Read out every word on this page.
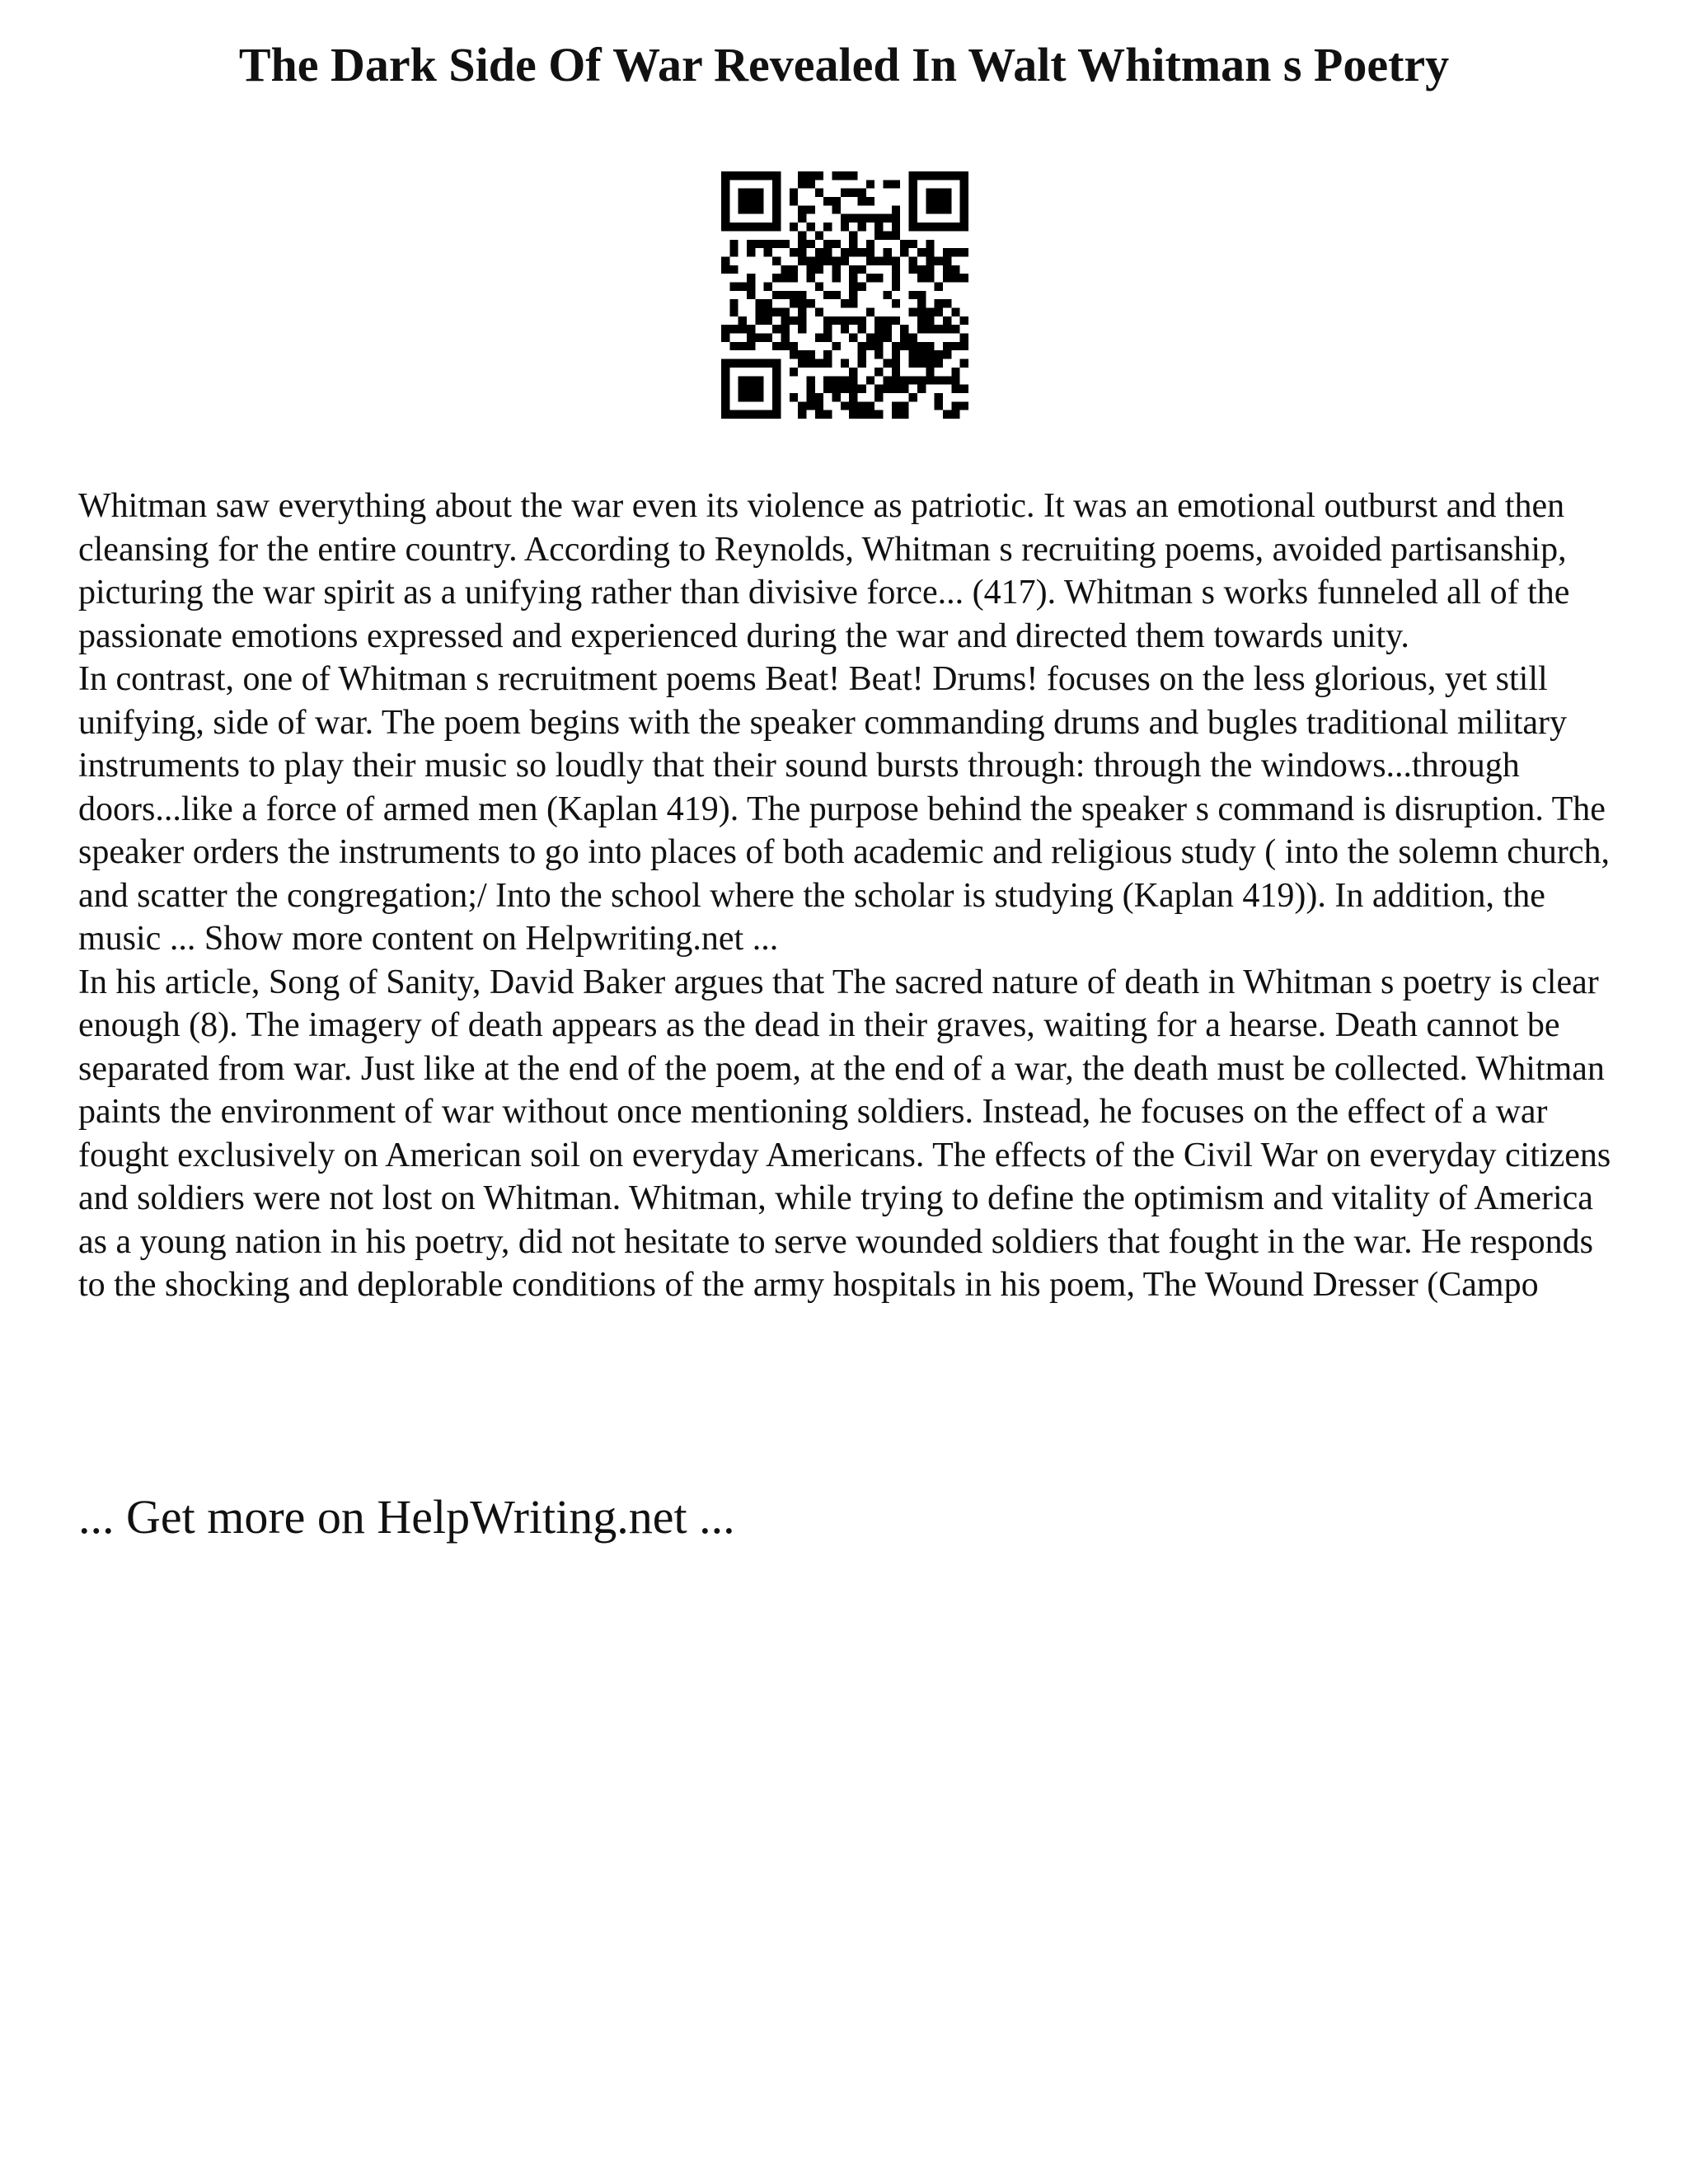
The Dark Side Of War Revealed In Walt Whitman s Poetry

Whitman saw everything about the war even its violence as patriotic. It was an emotional outburst and then cleansing for the entire country. According to Reynolds, Whitman s recruiting poems, avoided partisanship, picturing the war spirit as a unifying rather than divisive force... (417). Whitman s works funneled all of the passionate emotions expressed and experienced during the war and directed them towards unity.

In contrast, one of Whitman s recruitment poems Beat! Beat! Drums! focuses on the less glorious, yet still unifying, side of war. The poem begins with the speaker commanding drums and bugles traditional military instruments to play their music so loudly that their sound bursts through: through the windows...through doors...like a force of armed men (Kaplan 419). The purpose behind the speaker s command is disruption. The speaker orders the instruments to go into places of both academic and religious study ( into the solemn church, and scatter the congregation;/ Into the school where the scholar is studying (Kaplan 419)). In addition, the music ... Show more content on Helpwriting.net ...

In his article, Song of Sanity, David Baker argues that The sacred nature of death in Whitman s poetry is clear enough (8). The imagery of death appears as the dead in their graves, waiting for a hearse. Death cannot be separated from war. Just like at the end of the poem, at the end of a war, the death must be collected. Whitman paints the environment of war without once mentioning soldiers. Instead, he focuses on the effect of a war fought exclusively on American soil on everyday Americans. The effects of the Civil War on everyday citizens and soldiers were not lost on Whitman. Whitman, while trying to define the optimism and vitality of America as a young nation in his poetry, did not hesitate to serve wounded soldiers that fought in the war. He responds to the shocking and deplorable conditions of the army hospitals in his poem, The Wound Dresser (Campo

... Get more on HelpWriting.net ...
